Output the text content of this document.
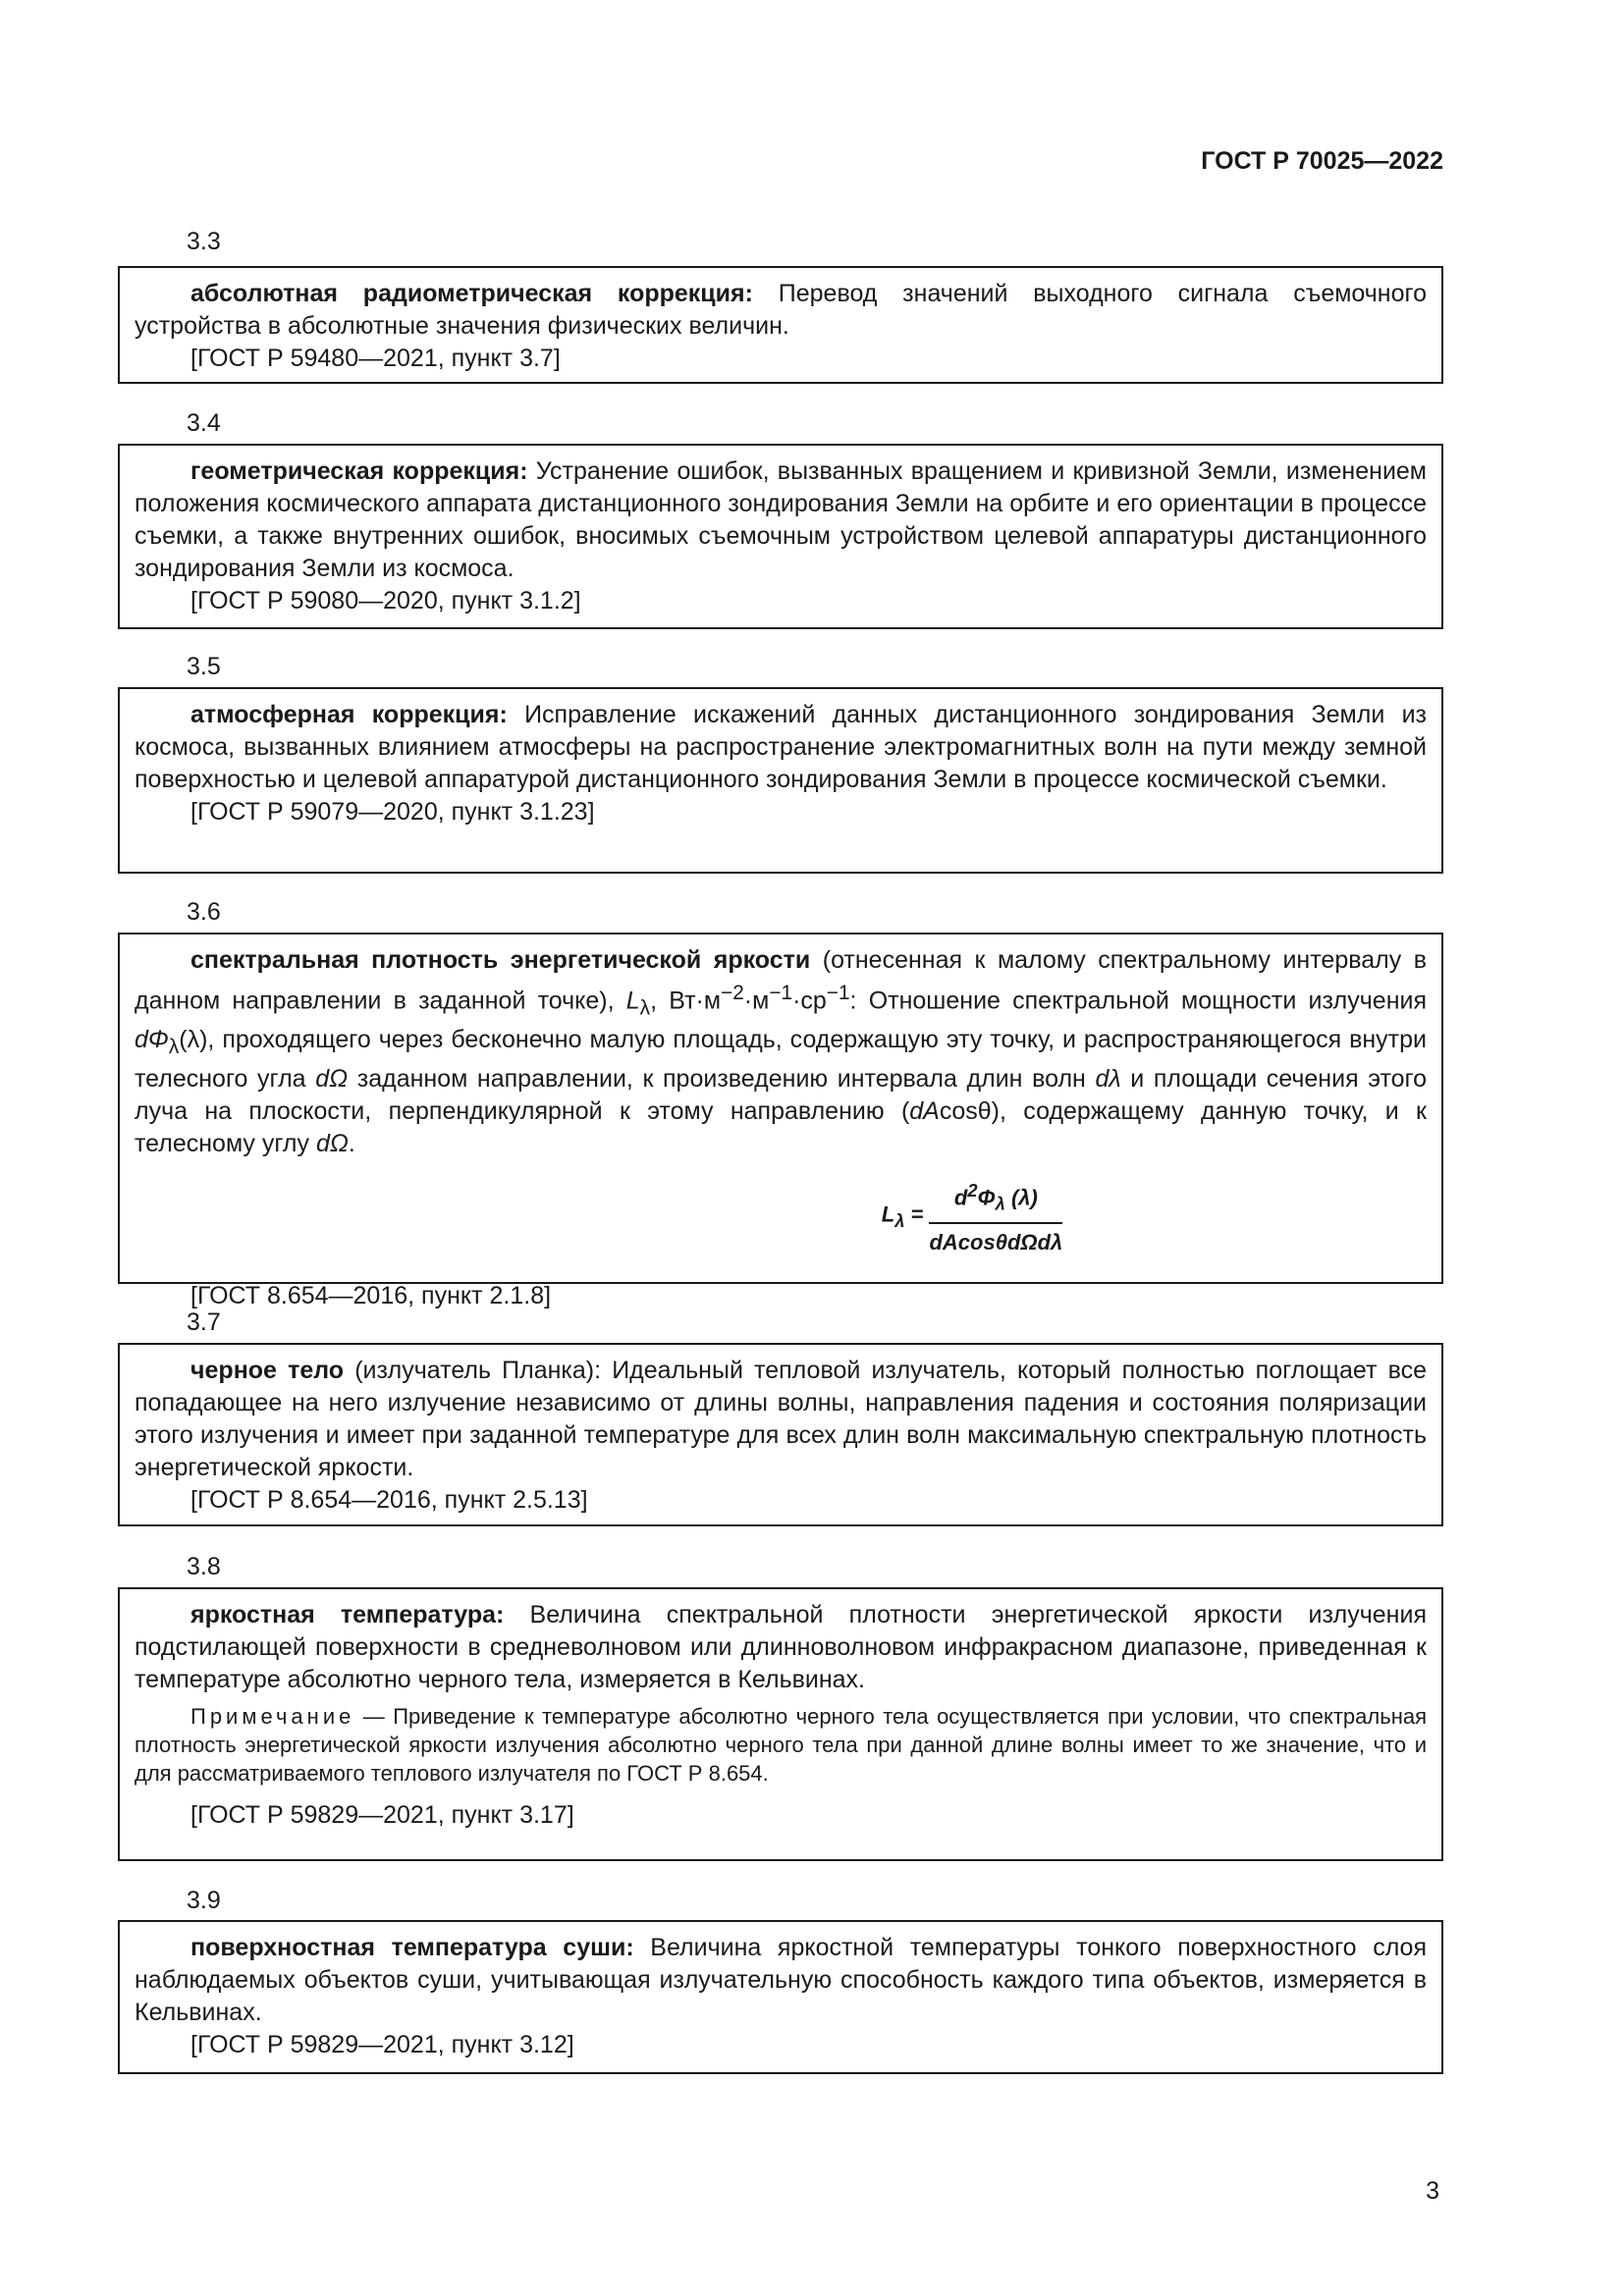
ГОСТ Р 70025—2022
3.3

абсолютная радиометрическая коррекция: Перевод значений выходного сигнала съемочного устройства в абсолютные значения физических величин.

[ГОСТ Р 59480—2021, пункт 3.7]
3.4

геометрическая коррекция: Устранение ошибок, вызванных вращением и кривизной Земли, изменением положения космического аппарата дистанционного зондирования Земли на орбите и его ориентации в процессе съемки, а также внутренних ошибок, вносимых съемочным устройством целевой аппаратуры дистанционного зондирования Земли из космоса.

[ГОСТ Р 59080—2020, пункт 3.1.2]
3.5

атмосферная коррекция: Исправление искажений данных дистанционного зондирования Земли из космоса, вызванных влиянием атмосферы на распространение электромагнитных волн на пути между земной поверхностью и целевой аппаратурой дистанционного зондирования Земли в процессе космической съемки.

[ГОСТ Р 59079—2020, пункт 3.1.23]
3.6

спектральная плотность энергетической яркости (отнесенная к малому спектральному интервалу в данном направлении в заданной точке), $L_\lambda$, $Вт\cdot м^{-2}\cdot м^{-1}\cdot ср^{-1}$: Отношение спектральной мощности излучения $d\Phi_\lambda(\lambda)$, проходящего через бесконечно малую площадь, содержащую эту точку, и распространяющегося внутри телесного угла dΩ заданном направлении, к произведению интервала длин волн dλ и площади сечения этого луча на плоскости, перпендикулярной к этому направлению (dAcosθ), содержащему данную точку, и к телесному углу dΩ.

$L_\lambda = \frac{d^2\Phi_\lambda (\lambda)}{\text{dAcosθdΩdλ}}$
[ГОСТ 8.654—2016, пункт 2.1.8]
3.7

черное тело (излучатель Планка): Идеальный тепловой излучатель, который полностью поглощает все попадающее на него излучение независимо от длины волны, направления падения и состояния поляризации этого излучения и имеет при заданной температуре для всех длин волн максимальную спектральную плотность энергетической яркости.

[ГОСТ Р 8.654—2016, пункт 2.5.13]
3.8

яркостная температура: Величина спектральной плотности энергетической яркости излучения подстилающей поверхности в средневолновом или длинноволновом инфракрасном диапазоне, приведенная к температуре абсолютно черного тела, измеряется в Кельвинах.

Примечание — Приведение к температуре абсолютно черного тела осуществляется при условии, что спектральная плотность энергетической яркости излучения абсолютно черного тела при данной длине волны имеет то же значение, что и для рассматриваемого теплового излучателя по ГОСТ Р 8.654.
[ГОСТ Р 59829—2021, пункт 3.17]
3.9

поверхностная температура суши: Величина яркостной температуры тонкого поверхностного слоя наблюдаемых объектов суши, учитывающая излучательную способность каждого типа объектов, измеряется в Кельвинах.

[ГОСТ Р 59829—2021, пункт 3.12]
3
